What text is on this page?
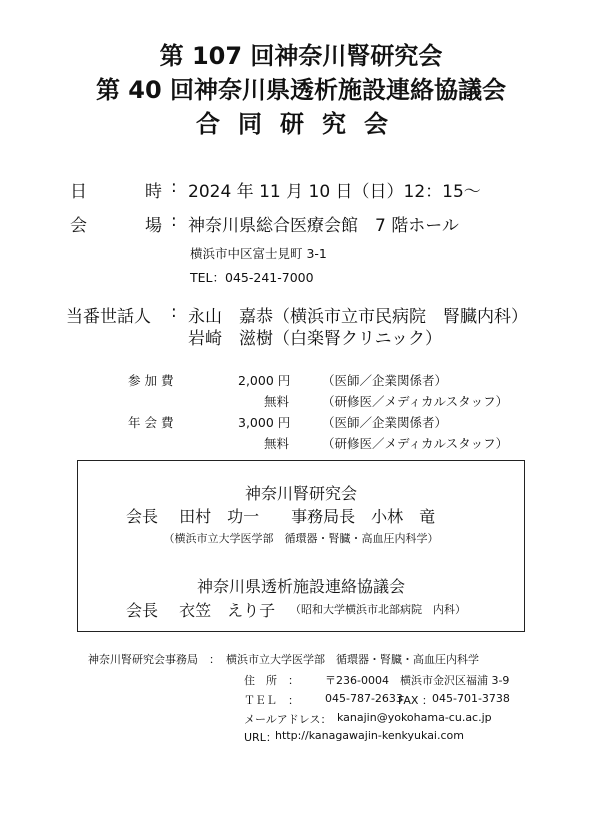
第 107 回神奈川腎研究会
第 40 回神奈川県透析施設連絡協議会
合同研究会
日	時 : 2024 年 11 月 10 日（日）12：15～
会	場 : 神奈川県総合医療会館　7 階ホール
横浜市中区富士見町 3-1
TEL：045-241-7000
当番世話人 : 永山　嘉恭（横浜市立市民病院　腎臓内科）
岩崎　滋樹（白楽腎クリニック）
参 加 費	2,000 円	（医師／企業関係者）
無料	（研修医／メディカルスタッフ）
年 会 費	3,000 円	（医師／企業関係者）
無料	（研修医／メディカルスタッフ）
神奈川腎研究会
会長　 田村　功一　　事務局長　小林　竜
（横浜市立大学医学部　循環器・腎臓・高血圧内科学）
神奈川県透析施設連絡協議会
会長　 衣笠　えり子 （昭和大学横浜市北部病院　内科）
神奈川腎研究会事務局　： 横浜市立大学医学部　循環器・腎臓・高血圧内科学
住　所　： 〒236-0004　横浜市金沢区福浦 3-9
ＴＥＬ　： 045-787-2633
FAX ： 045-701-3738
メールアドレス： kanajin@yokohama-cu.ac.jp
URL：
http://kanagawajin-kenkyukai.com
